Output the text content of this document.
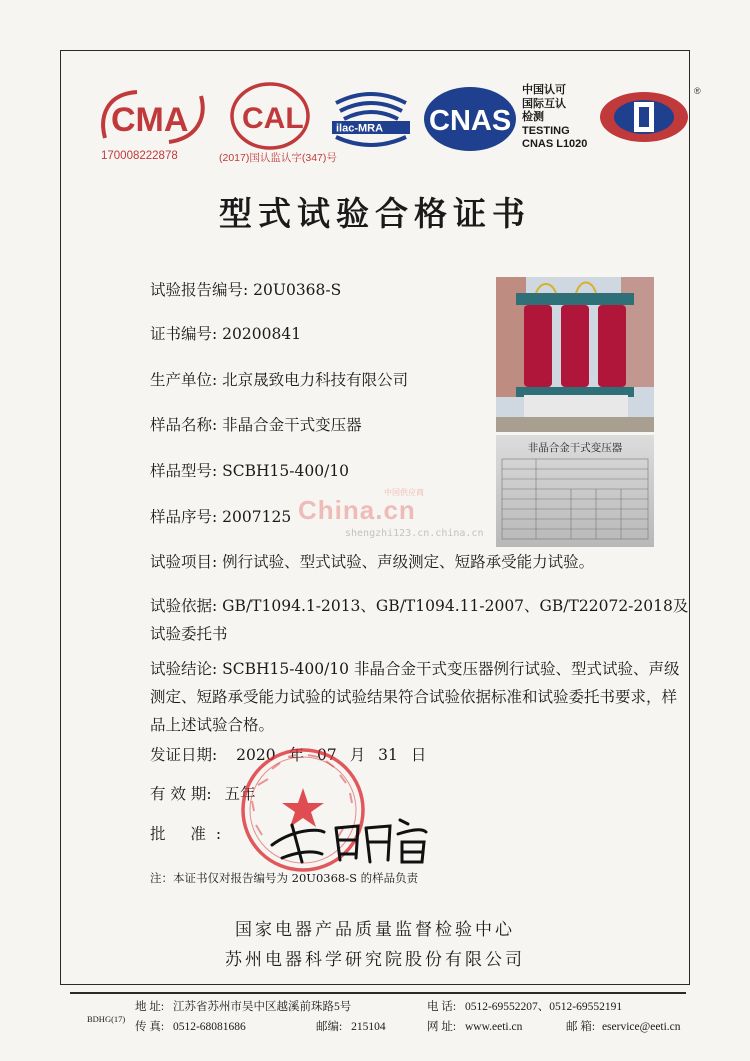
CMA
170008222878
CAL
(2017)国认监认字(347)号
ilac-MRA CNAS
中国认可
国际互认
检测
TESTING
CNAS L1020
®
型式试验合格证书
试验报告编号: 20U0368-S
证书编号: 20200841
生产单位: 北京晟致电力科技有限公司
样品名称: 非晶合金干式变压器
样品型号: SCBH15-400/10
样品序号: 2007125
试验项目: 例行试验、型式试验、声级测定、短路承受能力试验。
试验依据: GB/T1094.1-2013、GB/T1094.11-2007、GB/T22072-2018及试验委托书
试验结论: SCBH15-400/10 非晶合金干式变压器例行试验、型式试验、声级测定、短路承受能力试验的试验结果符合试验依据标准和试验委托书要求，样品上述试验合格。
发证日期: 2020 年 07 月 31 日
有 效 期: 五年
批 准:
非晶合金干式变压器
中国供应商
China.cn
shengzhi123.cn.china.cn
注：本证书仅对报告编号为 20U0368-S 的样品负责
国家电器产品质量监督检验中心
苏州电器科学研究院股份有限公司
BDHG(17)
地 址: 江苏省苏州市吴中区越溪前珠路5号	电 话: 0512-69552207、0512-69552191
传 真: 0512-68081686	邮编: 215104	网 址: www.eeti.cn	邮 箱: eservice@eeti.cn
